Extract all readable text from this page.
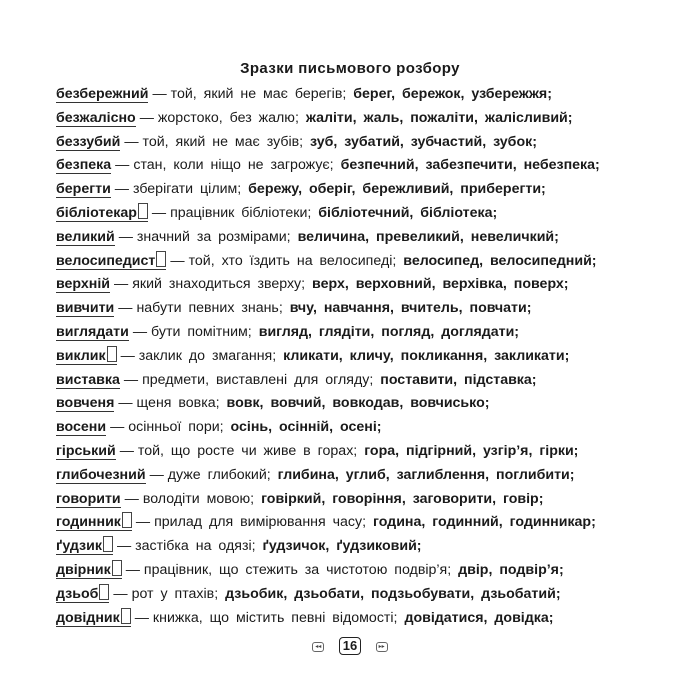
Зразки письмового розбору
безбережний — той, який не має берегів; берег, бережок, узбережжя;
безжалісно — жорстоко, без жалю; жаліти, жаль, пожаліти, жалісливий;
беззубий — той, який не має зубів; зуб, зубатий, зубчастий, зубок;
безпека — стан, коли ніщо не загрожує; безпечний, забезпечити, небезпека;
берегти — зберігати цілим; бережу, оберіг, бережливий, приберегти;
бібліотекар — працівник бібліотеки; бібліотечний, бібліотека;
великий — значний за розмірами; величина, превеликий, невеличкий;
велосипедист — той, хто їздить на велосипеді; велосипед, велосипедний;
верхній — який знаходиться зверху; верх, верховний, верхівка, поверх;
вивчити — набути певних знань; вчу, навчання, вчитель, повчати;
виглядати — бути помітним; вигляд, глядіти, погляд, доглядати;
виклик — заклик до змагання; кликати, кличу, покликання, закликати;
виставка — предмети, виставлені для огляду; поставити, підставка;
вовченя — щеня вовка; вовк, вовчий, вовкодав, вовчисько;
восени — осінньої пори; осінь, осінній, осені;
гірський — той, що росте чи живе в горах; гора, підгірний, узгір’я, гірки;
глибочезний — дуже глибокий; глибина, углиб, заглиблення, поглибити;
говорити — володіти мовою; говіркий, говоріння, заговорити, говір;
годинник — прилад для вимірювання часу; година, годинний, годинникар;
ґудзик — застібка на одязі; ґудзичок, ґудзиковий;
двірник — працівник, що стежить за чистотою подвір’я; двір, подвір’я;
дзьоб — рот у птахів; дзьобик, дзьобати, подзьобувати, дзьобатий;
довідник — книжка, що містить певні відомості; довідатися, довідка;
◂◂ 16	▸▸
